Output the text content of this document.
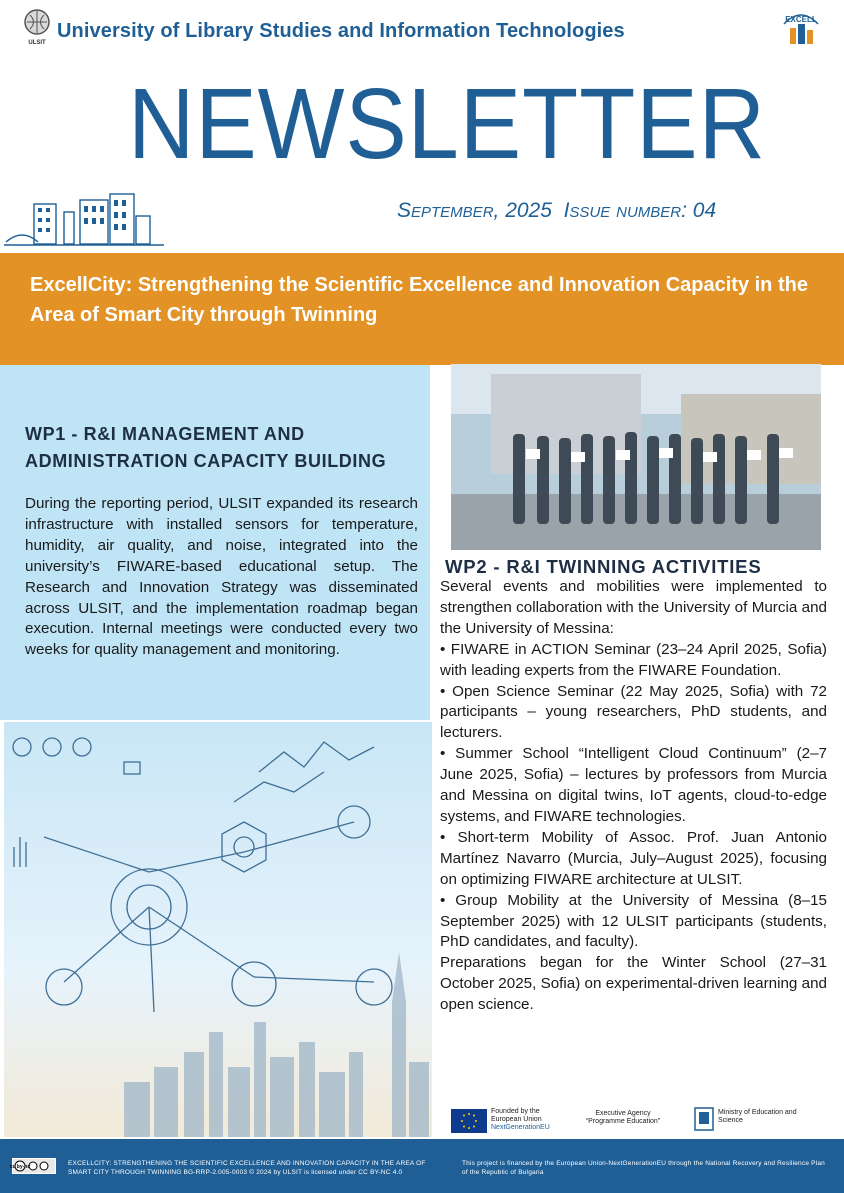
ULSIT
University of Library Studies and Information Technologies
EXCELL
NEWSLETTER
September, 2025 Issue number: 04
ExcellCity: Strengthening the Scientific Excellence and Innovation Capacity in the Area of Smart City through Twinning
WP1 - R&I MANAGEMENT AND ADMINISTRATION CAPACITY BUILDING
During the reporting period, ULSIT expanded its research infrastructure with installed sensors for temperature, humidity, air quality, and noise, integrated into the university’s FIWARE-based educational setup. The Research and Innovation Strategy was disseminated across ULSIT, and the implementation roadmap began execution. Internal meetings were conducted every two weeks for quality management and monitoring.
WP2 - R&I TWINNING ACTIVITIES

Several events and mobilities were implemented to strengthen collaboration with the University of Murcia and the University of Messina:

• FIWARE in ACTION Seminar (23–24 April 2025, Sofia) with leading experts from the FIWARE Foundation.

• Open Science Seminar (22 May 2025, Sofia) with 72 participants – young researchers, PhD students, and lecturers.

• Summer School “Intelligent Cloud Continuum” (2–7 June 2025, Sofia) – lectures by professors from Murcia and Messina on digital twins, IoT agents, cloud-to-edge systems, and FIWARE technologies.

• Short-term Mobility of Assoc. Prof. Juan Antonio Martínez Navarro (Murcia, July–August 2025), focusing on optimizing FIWARE architecture at ULSIT.

• Group Mobility at the University of Messina (8–15 September 2025) with 12 ULSIT participants (students, PhD candidates, and faculty).

Preparations began for the Winter School (27–31 October 2025, Sofia) on experimental-driven learning and open science.

Founded by the
European Union
NextGenerationEU
Executive Agency
“Programme Education”
Ministry of Education and
Science
cc by-nc	EXCELLCITY: STRENGTHENING THE SCIENTIFIC EXCELLENCE AND INNOVATION CAPACITY IN THE AREA OF SMART CITY THROUGH TWINNING BG-RRP-2.005-0003 © 2024 by ULSIT is licensed under CC BY-NC 4.0
This project is financed by the European Union-NextGenerationEU through the National Recovery and Resilience Plan of the Republic of Bulgaria
